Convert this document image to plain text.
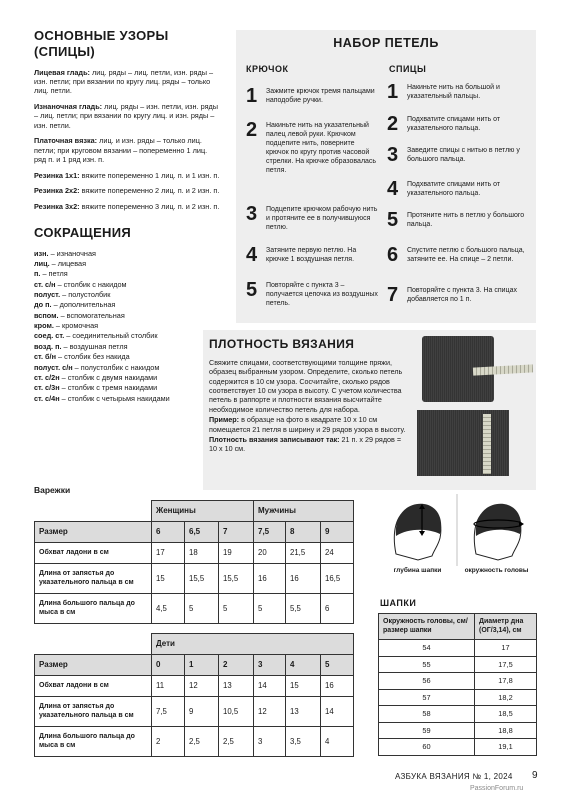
ОСНОВНЫЕ УЗОРЫ (СПИЦЫ)

Лицевая гладь: лиц. ряды – лиц. петли, изн. ряды – изн. петли; при вязании по кругу лиц. ряды – только лиц. петли.

Изнаночная гладь: лиц. ряды – изн. петли, изн. ряды – лиц. петли; при вязании по кругу лиц. и изн. ряды – изн. петли.

Платочная вязка: лиц. и изн. ряды – только лиц. петли; при круговом вязании – попеременно 1 лиц. ряд п. и 1 ряд изн. п.

Резинка 1х1: вяжите попеременно 1 лиц. п. и 1 изн. п.

Резинка 2х2: вяжите попеременно 2 лиц. п. и 2 изн. п.

Резинка 3х2: вяжите попеременно 3 лиц. п. и 2 изн. п.

СОКРАЩЕНИЯ
изн. – изнаночная
лиц. – лицевая
п. – петля
ст. с/н – столбик с накидом
полуст. – полустолбик
до п. – дополнительная
вспом. – вспомогательная
кром. – кромочная
соед. ст. – соединительный столбик
возд. п. – воздушная петля
ст. б/н – столбик без накида
полуст. с/н – полустолбик с накидом
ст. с/2н – столбик с двумя накидами
ст. с/3н – столбик с тремя накидами
ст. с/4н – столбик с четырьмя накидами
НАБОР ПЕТЕЛЬ
КРЮЧОК	СПИЦЫ
1	Зажмите крючок тремя пальцами наподобие ручки.
2	Накиньте нить на указательный палец левой руки. Крючком подцепите нить, поверните крючок по кругу против часовой стрелки. На крючке образовалась петля.
3	Подцепите крючком рабочую нить и протяните ее в получившуюся петлю.
4	Затяните первую петлю. На крючке 1 воздушная петля.
5	Повторяйте с пункта 3 – получается цепочка из воздушных петель.
1	Накиньте нить на большой и указательный пальцы.
2	Подхватите спицами нить от указательного пальца.
3	Заведите спицы с нитью в петлю у большого пальца.
4	Подхватите спицами нить от указательного пальца.
5	Протяните нить в петлю у большого пальца.
6	Спустите петлю с большого пальца, затяните ее. На спице – 2 петли.
7	Повторяйте с пункта 3. На спицах добавляется по 1 п.
ПЛОТНОСТЬ ВЯЗАНИЯ

Свяжите спицами, соответствующими толщине пряжи, образец выбранным узором. Определите, сколько петель содержится в 10 см узора. Сосчитайте, сколько рядов соответствует 10 см узора в высоту. С учетом количества петель в раппорте и плотности вязания высчитайте необходимое количество петель для набора.

Пример: в образце на фото в квадрате 10 х 10 см помещается 21 петля в ширину и 29 рядов узора в высоту.

Плотность вязания записывают так: 21 п. х 29 рядов = 10 х 10 см.

Варежки
	Женщины			Мужчины		
Размер	6	6,5	7	7,5	8	9
Обхват ладони в см	17	18	19	20	21,5	24
Длина от запястья до указательного пальца в см	15	15,5	15,5	16	16	16,5
Длина большого пальца до мыса в см	4,5	5	5	5	5,5	6
	Дети					
Размер	0	1	2	3	4	5
Обхват ладони в см	11	12	13	14	15	16
Длина от запястья до указательного пальца в см	7,5	9	10,5	12	13	14
Длина большого пальца до мыса в см	2	2,5	2,5	3	3,5	4
глубина шапки	окружность головы
ШАПКИ
Окружность головы, см/размер шапки	Диаметр дна (ОГ/3,14), см
54	17
55	17,5
56	17,8
57	18,2
58	18,5
59	18,8
60	19,1
АЗБУКА ВЯЗАНИЯ № 1, 2024 9
PassionForum.ru
